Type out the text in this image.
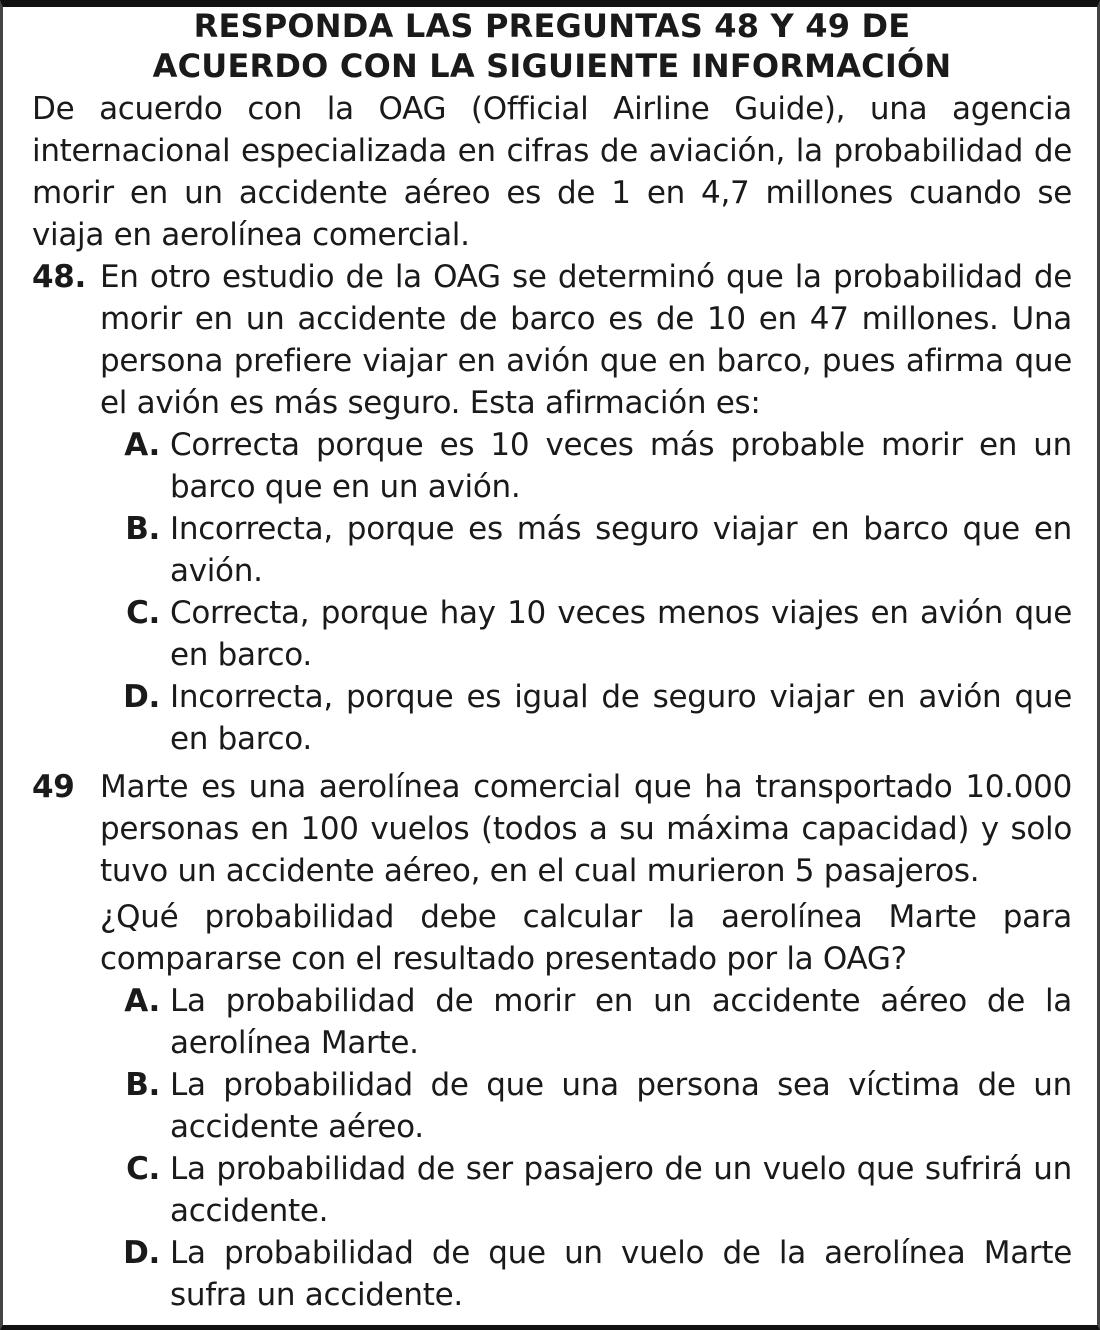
RESPONDA LAS PREGUNTAS 48 Y 49 DE

ACUERDO CON LA SIGUIENTE INFORMACIÓN

De acuerdo con la OAG (Official Airline Guide), una agencia internacional especializada en cifras de aviación, la probabilidad de morir en un accidente aéreo es de 1 en 4,7 millones cuando se viaja en aerolínea comercial.

48. En otro estudio de la OAG se determinó que la probabilidad de morir en un accidente de barco es de 10 en 47 millones. Una persona prefiere viajar en avión que en barco, pues afirma que el avión es más seguro. Esta afirmación es:
A. Correcta porque es 10 veces más probable morir en un barco que en un avión.
B. Incorrecta, porque es más seguro viajar en barco que en avión.
C. Correcta, porque hay 10 veces menos viajes en avión que en barco.
D. Incorrecta, porque es igual de seguro viajar en avión que en barco.
49 Marte es una aerolínea comercial que ha transportado 10.000 personas en 100 vuelos (todos a su máxima capacidad) y solo tuvo un accidente aéreo, en el cual murieron 5 pasajeros.
¿Qué probabilidad debe calcular la aerolínea Marte para compararse con el resultado presentado por la OAG?
A. La probabilidad de morir en un accidente aéreo de la aerolínea Marte.
B. La probabilidad de que una persona sea víctima de un accidente aéreo.
C. La probabilidad de ser pasajero de un vuelo que sufrirá un accidente.
D. La probabilidad de que un vuelo de la aerolínea Marte sufra un accidente.
